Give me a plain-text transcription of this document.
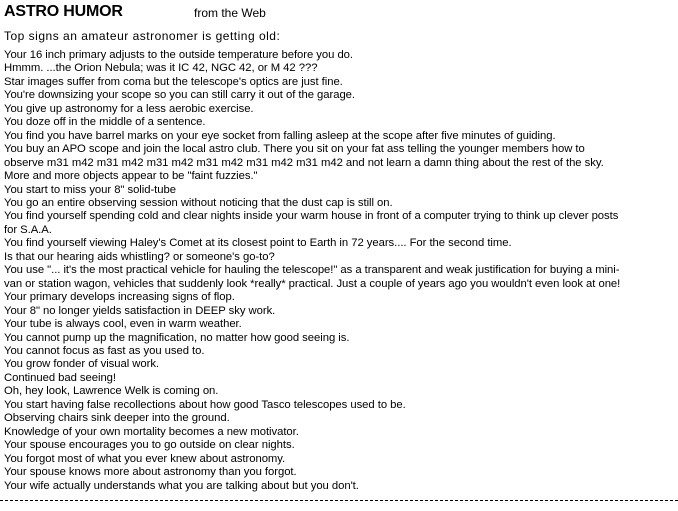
ASTRO HUMOR	from the Web
Top signs an amateur astronomer is getting old:
Your 16 inch primary adjusts to the outside temperature before you do.
Hmmm. ...the Orion Nebula; was it IC 42, NGC 42, or M 42 ???
Star images suffer from coma but the telescope's optics are just fine.
You're downsizing your scope so you can still carry it out of the garage.
You give up astronomy for a less aerobic exercise.
You doze off in the middle of a sentence.
You find you have barrel marks on your eye socket from falling asleep at the scope after five minutes of guiding.
You buy an APO scope and join the local astro club. There you sit on your fat ass telling the younger members how to
observe m31 m42 m31 m42 m31 m42 m31 m42 m31 m42 m31 m42 and not learn a damn thing about the rest of the sky.
More and more objects appear to be "faint fuzzies."
You start to miss your 8" solid-tube
You go an entire observing session without noticing that the dust cap is still on.
You find yourself spending cold and clear nights inside your warm house in front of a computer trying to think up clever posts
for S.A.A.
You find yourself viewing Haley's Comet at its closest point to Earth in 72 years.... For the second time.
Is that our hearing aids whistling? or someone's go-to?
You use "... it's the most practical vehicle for hauling the telescope!" as a transparent and weak justification for buying a mini-
van or station wagon, vehicles that suddenly look *really* practical. Just a couple of years ago you wouldn't even look at one!
Your primary develops increasing signs of flop.
Your 8" no longer yields satisfaction in DEEP sky work.
Your tube is always cool, even in warm weather.
You cannot pump up the magnification, no matter how good seeing is.
You cannot focus as fast as you used to.
You grow fonder of visual work.
Continued bad seeing!
Oh, hey look, Lawrence Welk is coming on.
You start having false recollections about how good Tasco telescopes used to be.
Observing chairs sink deeper into the ground.
Knowledge of your own mortality becomes a new motivator.
Your spouse encourages you to go outside on clear nights.
You forgot most of what you ever knew about astronomy.
Your spouse knows more about astronomy than you forgot.
Your wife actually understands what you are talking about but you don't.
